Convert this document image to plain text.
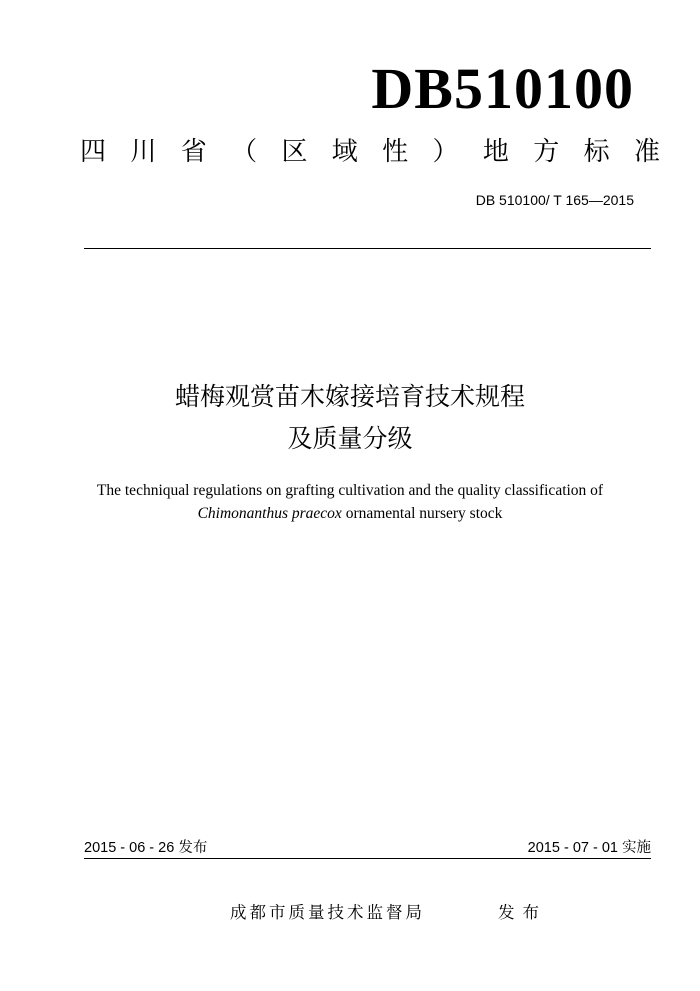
DB510100
四 川 省 （ 区 域 性 ） 地 方 标 准
DB 510100/ T 165—2015
蜡梅观赏苗木嫁接培育技术规程
及质量分级
The techniqual regulations on grafting cultivation and the quality classification of
Chimonanthus praecox ornamental nursery stock
2015 - 06 - 26 发布	2015 - 07 - 01 实施
成都市质量技术监督局	发布
